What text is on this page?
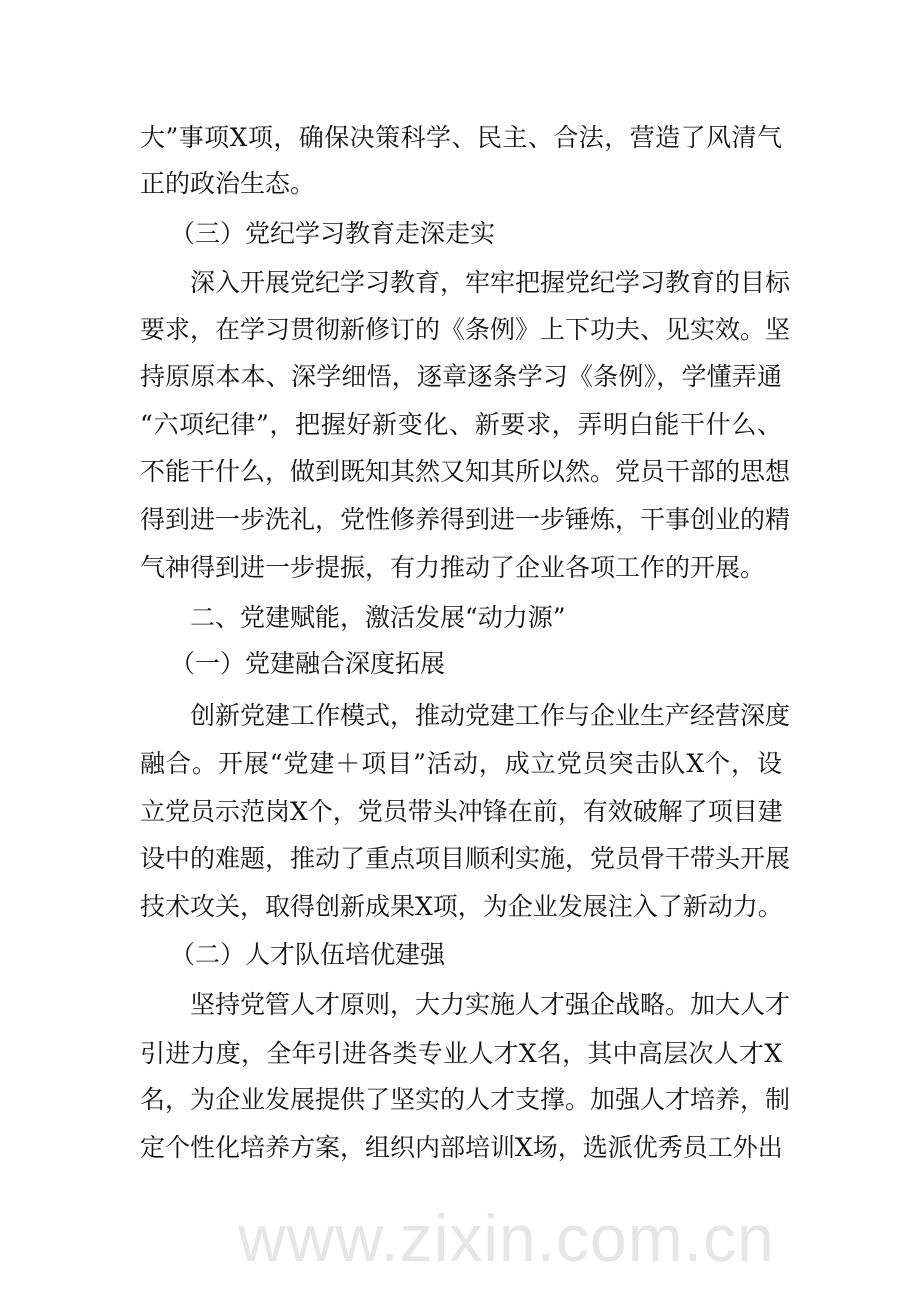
www.zixin.com.cn
大”事项X项，确保决策科学、民主、合法，营造了风清气
正的政治生态。
（三）党纪学习教育走深走实
深入开展党纪学习教育，牢牢把握党纪学习教育的目标
要求，在学习贯彻新修订的《条例》上下功夫、见实效。坚
持原原本本、深学细悟，逐章逐条学习《条例》，学懂弄通
“六项纪律”，把握好新变化、新要求，弄明白能干什么、
不能干什么，做到既知其然又知其所以然。党员干部的思想
得到进一步洗礼，党性修养得到进一步锤炼，干事创业的精
气神得到进一步提振，有力推动了企业各项工作的开展。
二、党建赋能，激活发展“动力源”
（一）党建融合深度拓展
创新党建工作模式，推动党建工作与企业生产经营深度
融合。开展“党建＋项目”活动，成立党员突击队X个，设
立党员示范岗X个，党员带头冲锋在前，有效破解了项目建
设中的难题，推动了重点项目顺利实施，党员骨干带头开展
技术攻关，取得创新成果X项，为企业发展注入了新动力。
（二）人才队伍培优建强
坚持党管人才原则，大力实施人才强企战略。加大人才
引进力度，全年引进各类专业人才X名，其中高层次人才X
名，为企业发展提供了坚实的人才支撑。加强人才培养，制
定个性化培养方案，组织内部培训X场，选派优秀员工外出
